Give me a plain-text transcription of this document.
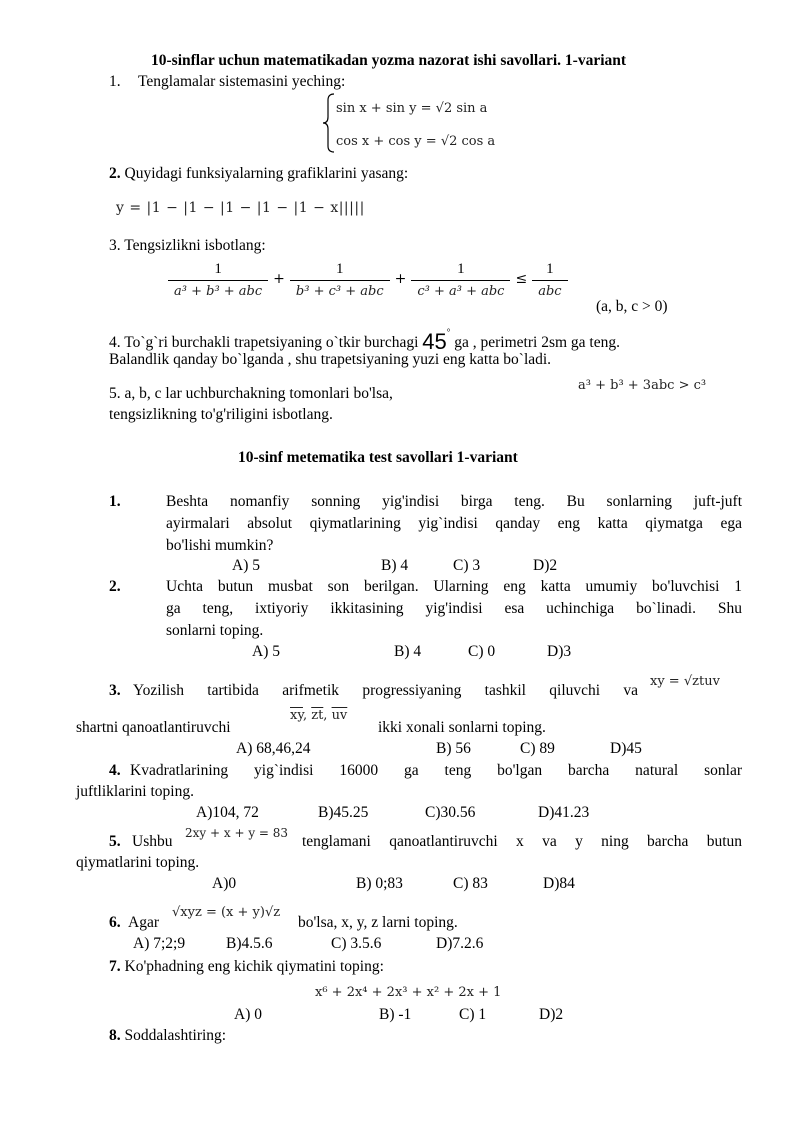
10-sinflar uchun matematikadan yozma nazorat ishi savollari. 1-variant
1. Tenglamalar sistemasini yeching:
sin x + sin y = √2 sin a
cos x + cos y = √2 cos a
2. Quyidagi funksiyalarning grafiklarini yasang:
y = |1 − |1 − |1 − |1 − |1 − x|||||
3. Tengsizlikni isbotlang:
$\frac{1}{\text{a³ + b³ + abc}} + \frac{1}{\text{b³ + c³ + abc}} + \frac{1}{\text{c³ + a³ + abc}} \le \frac{1}{\text{abc}}$
(a, b, c > 0)
4. To`g`ri burchakli trapetsiyaning o`tkir burchagi 45° ga , perimetri 2sm ga teng.
Balandlik qanday bo`lganda , shu trapetsiyaning yuzi eng katta bo`ladi.
5. a, b, c lar uchburchakning tomonlari bo'lsa,	a³ + b³ + 3abc > c³
tengsizlikning to'g'riligini isbotlang.
10-sinf metematika test savollari 1-variant
1.	Beshta nomanfiy sonning yig'indisi birga teng. Bu sonlarning juft-juft
ayirmalari absolut qiymatlarining yig`indisi qanday eng katta qiymatga ega
bo'lishi mumkin?
A) 5	B) 4	C) 3	D)2
2.	Uchta butun musbat son berilgan. Ularning eng katta umumiy bo'luvchisi 1
ga teng, ixtiyoriy ikkitasining yig'indisi esa uchinchiga bo`linadi. Shu
sonlarni toping.
A) 5	B) 4	C) 0	D)3
3. Yozilish tartibida arifmetik progressiyaning tashkil qiluvchi va
xy = √ztuv
shartni qanoatlantiruvchi
$\overline{xy}$, $\overline{zt}$, $\overline{uv}$
ikki xonali sonlarni toping.
A) 68,46,24	B) 56	C) 89	D)45
4. Kvadratlarining yig`indisi 16000 ga teng bo'lgan barcha natural sonlar
juftliklarini toping.
A)104, 72	B)45.25	C)30.56	D)41.23
5. Ushbu 2xy + x + y = 83 tenglamani qanoatlantiruvchi x va y ning barcha butun
qiymatlarini toping.
A)0	B) 0;83	C) 83	D)84
6. Agar
√xyz = (x + y)√z
bo'lsa, x, y, z larni toping.
A) 7;2;9	B)4.5.6	C) 3.5.6	D)7.2.6
7. Ko'phadning eng kichik qiymatini toping:
x⁶ + 2x⁴ + 2x³ + x² + 2x + 1
A) 0	B) -1	C) 1	D)2
8. Soddalashtiring:
